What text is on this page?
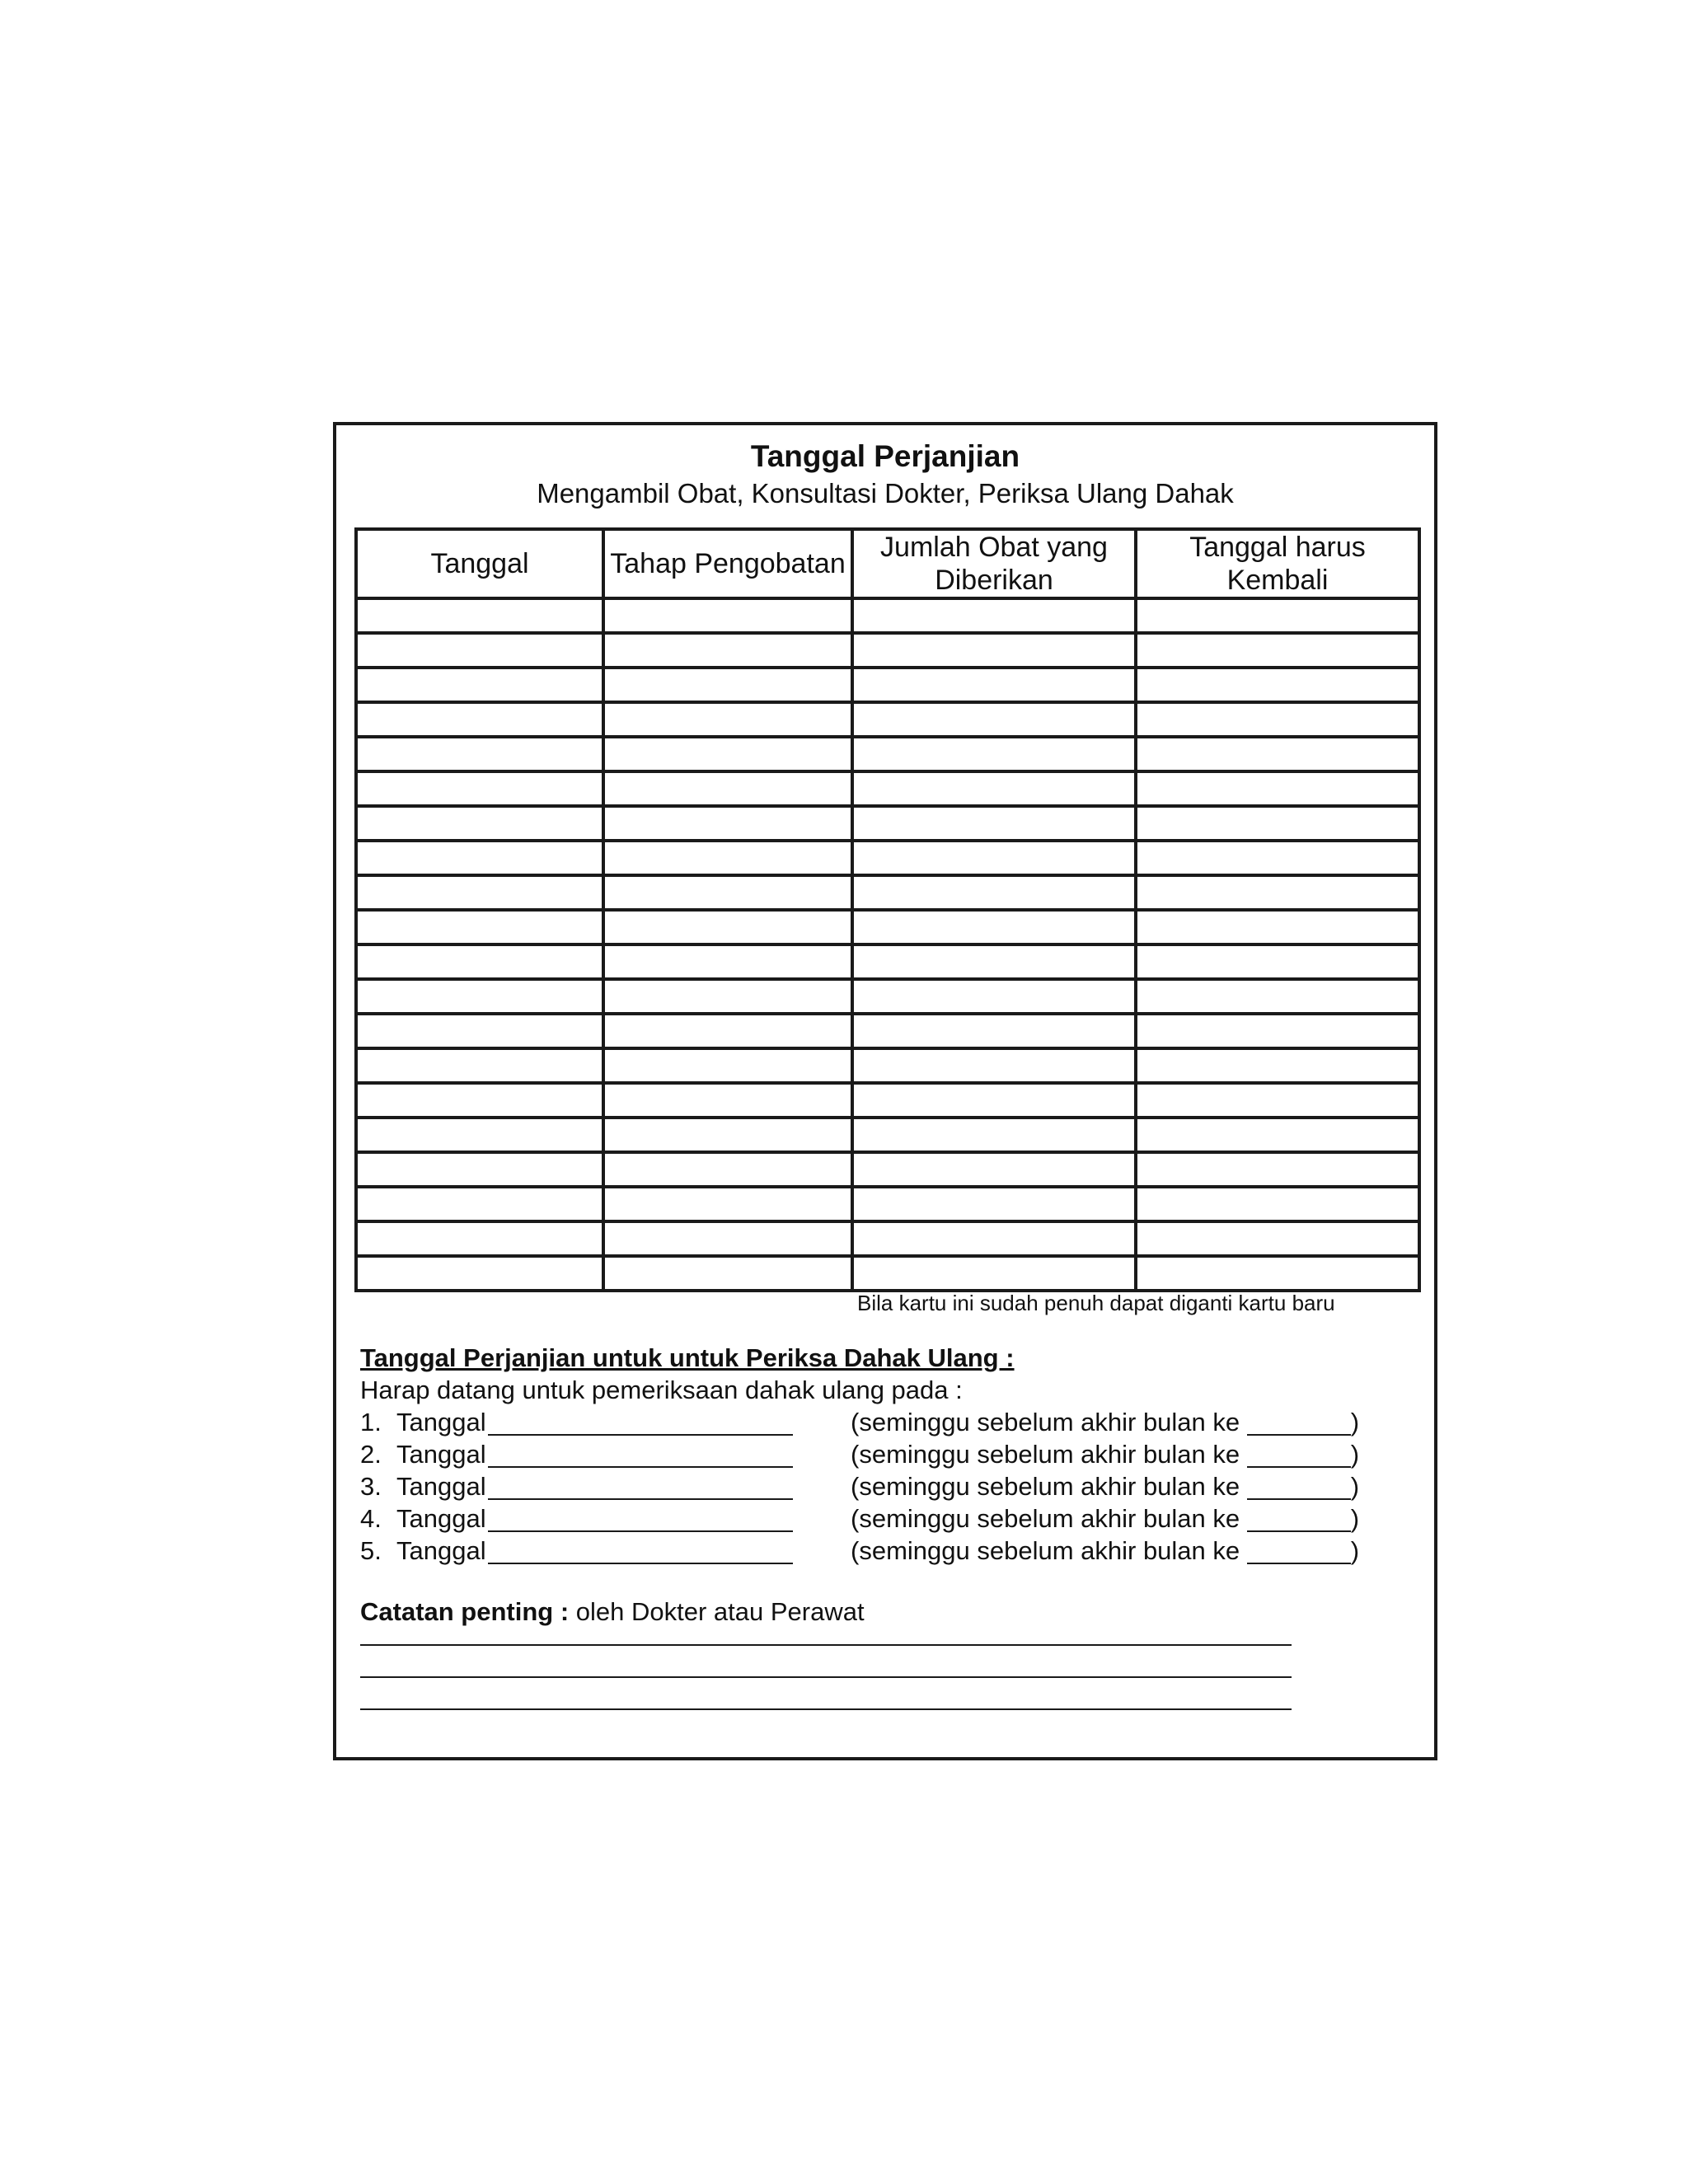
Tanggal Perjanjian

Mengambil Obat, Konsultasi Dokter, Periksa Ulang Dahak

Tanggal	Tahap Pengobatan	Jumlah Obat yang Diberikan	Tanggal harus Kembali

Bila kartu ini sudah penuh dapat diganti kartu baru

Tanggal Perjanjian untuk untuk Periksa Dahak Ulang :

Harap datang untuk pemeriksaan dahak ulang pada :

1. Tanggal	(seminggu sebelum akhir bulan ke
	)
2. Tanggal	(seminggu sebelum akhir bulan ke
	)
3. Tanggal	(seminggu sebelum akhir bulan ke
	)
4. Tanggal	(seminggu sebelum akhir bulan ke
	)
5. Tanggal	(seminggu sebelum akhir bulan ke
	)
Catatan penting : oleh Dokter atau Perawat
